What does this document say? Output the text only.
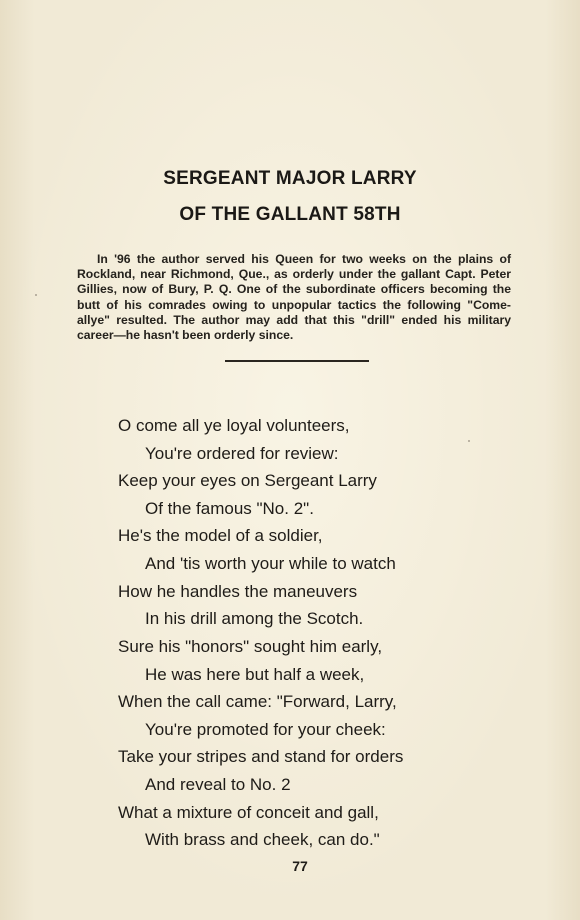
SERGEANT MAJOR LARRY
OF THE GALLANT 58TH

In '96 the author served his Queen for two weeks on the plains of Rockland, near Richmond, Que., as orderly under the gallant Capt. Peter Gillies, now of Bury, P. Q. One of the subordinate officers becoming the butt of his comrades owing to unpopular tactics the following "Come-allye" resulted. The author may add that this "drill" ended his military career—he hasn't been orderly since.

O come all ye loyal volunteers,
You're ordered for review:
Keep your eyes on Sergeant Larry
Of the famous "No. 2".
He's the model of a soldier,
And 'tis worth your while to watch
How he handles the maneuvers
In his drill among the Scotch.
Sure his "honors" sought him early,
He was here but half a week,
When the call came: "Forward, Larry,
You're promoted for your cheek:
Take your stripes and stand for orders
And reveal to No. 2
What a mixture of conceit and gall,
With brass and cheek, can do."
77
